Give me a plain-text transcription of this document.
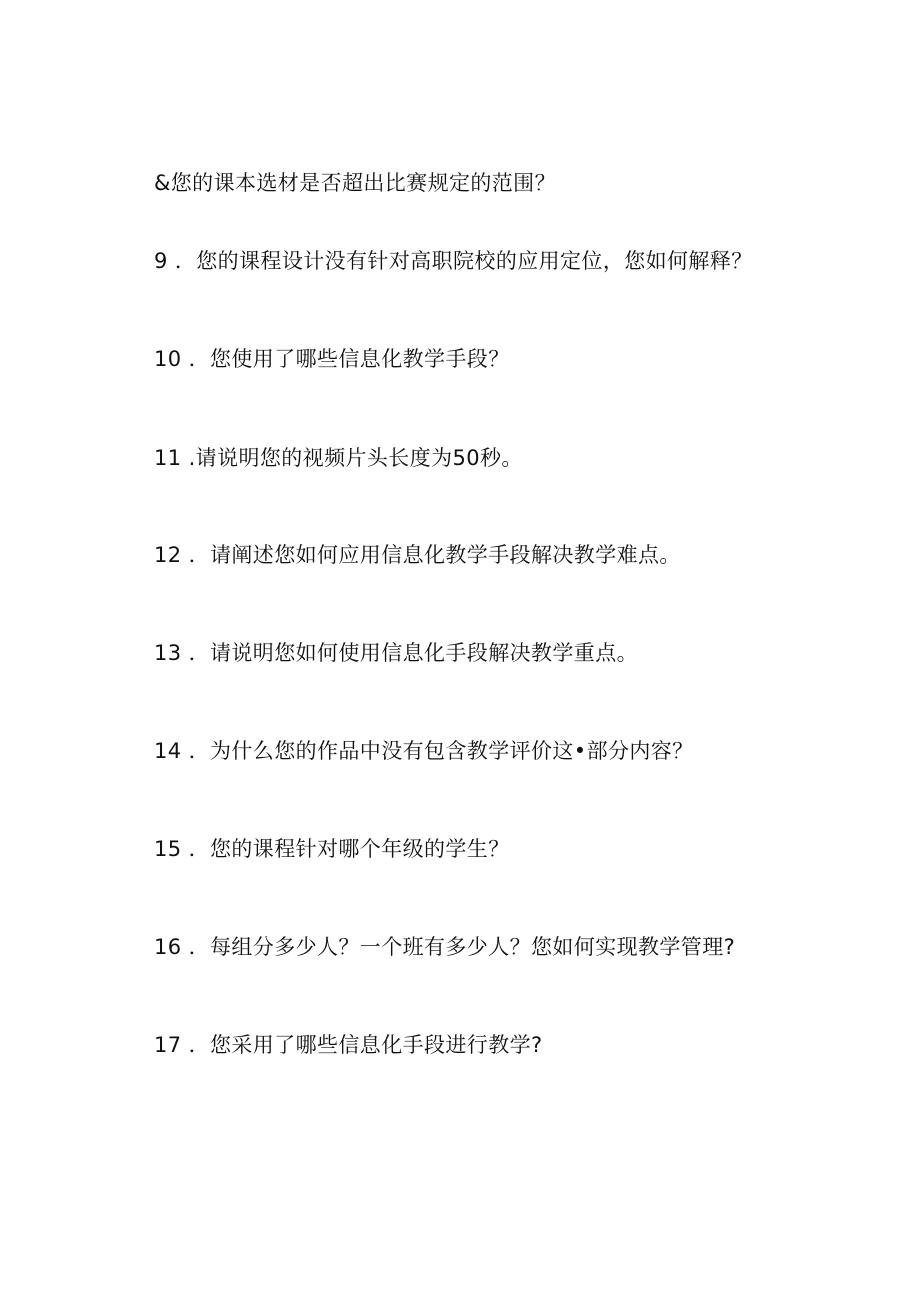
&您的课本选材是否超出比赛规定的范围？
9 ．您的课程设计没有针对高职院校的应用定位，您如何解释？
10 ．您使用了哪些信息化教学手段？
11 .请说明您的视频片头长度为50秒。
12 ．请阐述您如何应用信息化教学手段解决教学难点。
13 ．请说明您如何使用信息化手段解决教学重点。
14 ．为什么您的作品中没有包含教学评价这•部分内容？
15 ．您的课程针对哪个年级的学生？
16 ．每组分多少人？一个班有多少人？您如何实现教学管理?
17 ．您采用了哪些信息化手段进行教学?
